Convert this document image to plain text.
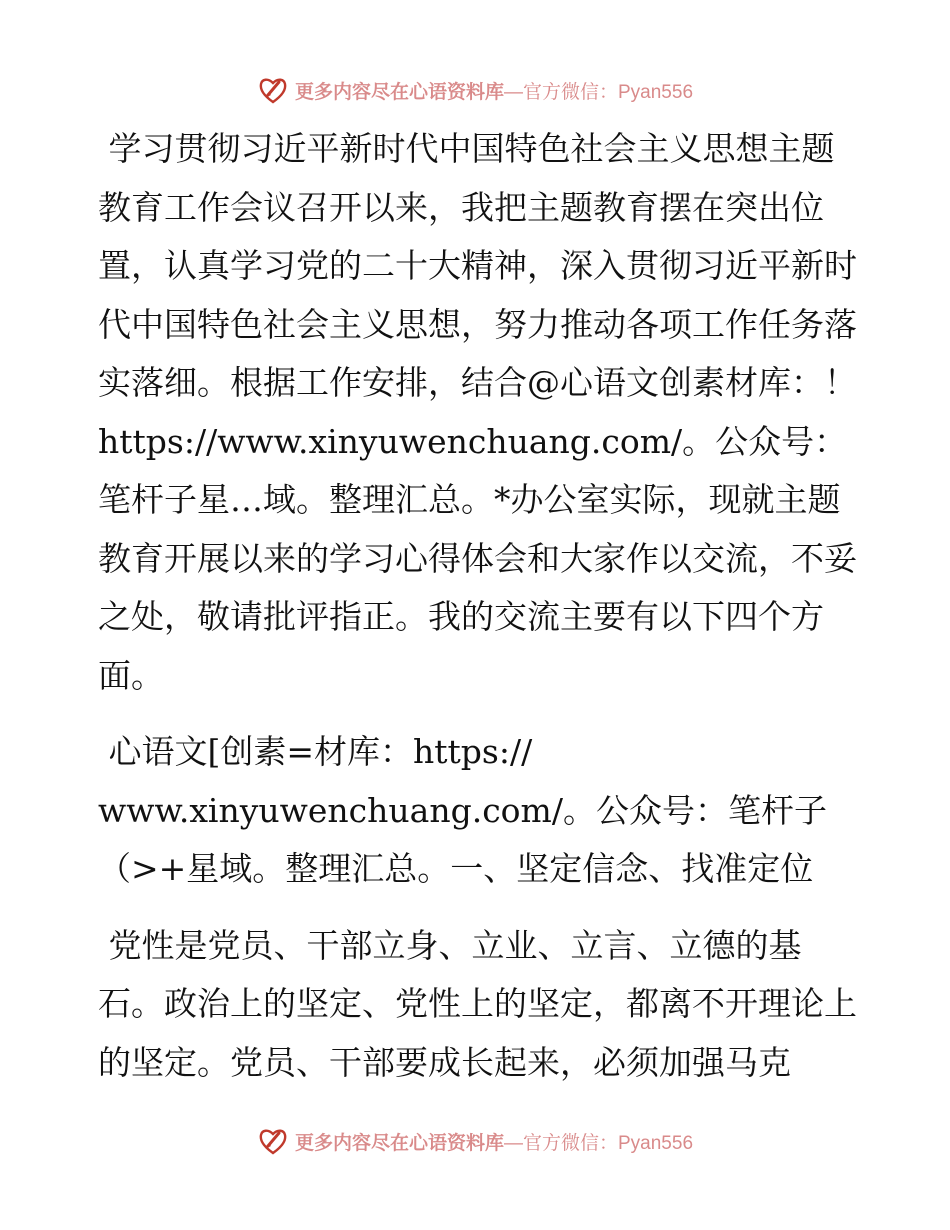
更多内容尽在心语资料库 —官方微信：Pyan556

学习贯彻习近平新时代中国特色社会主义思想主题教育工作会议召开以来，我把主题教育摆在突出位置，认真学习党的二十大精神，深入贯彻习近平新时代中国特色社会主义思想，努力推动各项工作任务落实落细。根据工作安排，结合@心语文创素材库：！https://www.xinyuwenchuang.com/。公众号：笔杆子星…域。整理汇总。*办公室实际，现就主题教育开展以来的学习心得体会和大家作以交流，不妥之处，敬请批评指正。我的交流主要有以下四个方面。

心语文[创素=材库：https://
www.xinyuwenchuang.com/。公众号：笔杆子
（>+星域。整理汇总。一、坚定信念、找准定位

党性是党员、干部立身、立业、立言、立德的基石。政治上的坚定、党性上的坚定，都离不开理论上的坚定。党员、干部要成长起来，必须加强马克

更多内容尽在心语资料库 —官方微信：Pyan556
